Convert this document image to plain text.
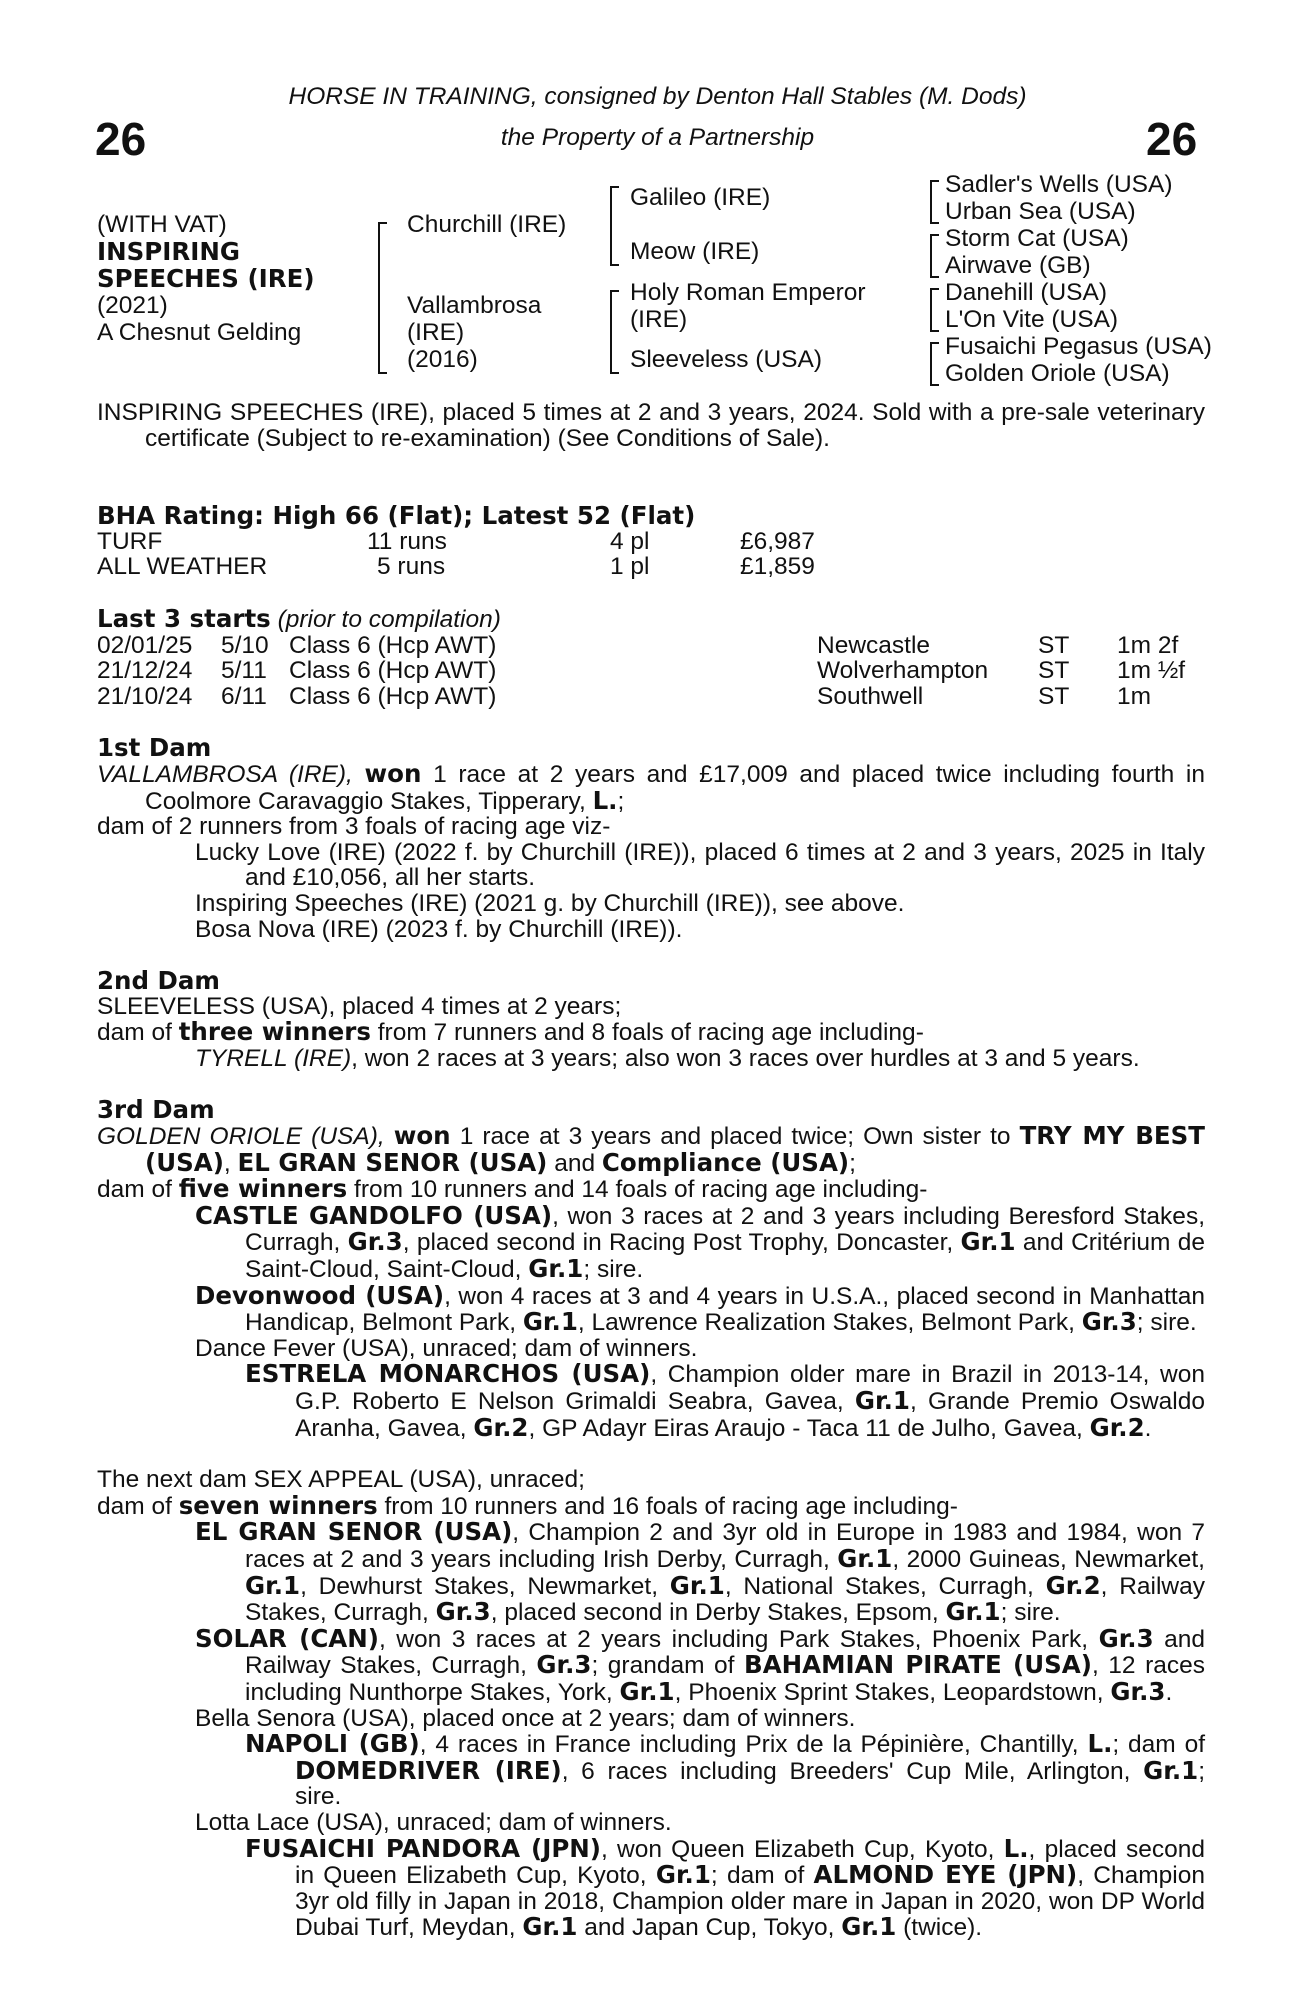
26	26
HORSE IN TRAINING, consigned by Denton Hall Stables (M. Dods)
the Property of a Partnership
(WITH VAT)
INSPIRING
SPEECHES (IRE)
(2021)
A Chesnut Gelding
Churchill (IRE)
Vallambrosa
(IRE)
(2016)
Galileo (IRE)
Meow (IRE)
Holy Roman Emperor
(IRE)
Sleeveless (USA)
Sadler's Wells (USA)
Urban Sea (USA)
Storm Cat (USA)
Airwave (GB)
Danehill (USA)
L'On Vite (USA)
Fusaichi Pegasus (USA)
Golden Oriole (USA)
INSPIRING SPEECHES (IRE), placed 5 times at 2 and 3 years, 2024. Sold with a pre-sale veterinary certificate (Subject to re-examination) (See Conditions of Sale).
BHA Rating: High 66 (Flat); Latest 52 (Flat)
TURF	11 runs	4 pl	£6,987
ALL WEATHER	5 runs	1 pl	£1,859
Last 3 starts (prior to compilation)
02/01/25 5/10 Class 6 (Hcp AWT)	Newcastle	ST 1m 2f
21/12/24 5/11 Class 6 (Hcp AWT)	Wolverhampton ST 1m ½f
21/10/24 6/11 Class 6 (Hcp AWT)	Southwell	ST 1m
1st Dam
VALLAMBROSA (IRE), won 1 race at 2 years and £17,009 and placed twice including fourth in Coolmore Caravaggio Stakes, Tipperary, L.;
dam of 2 runners from 3 foals of racing age viz-
Lucky Love (IRE) (2022 f. by Churchill (IRE)), placed 6 times at 2 and 3 years, 2025 in Italy and £10,056, all her starts.
Inspiring Speeches (IRE) (2021 g. by Churchill (IRE)), see above.
Bosa Nova (IRE) (2023 f. by Churchill (IRE)).
2nd Dam
SLEEVELESS (USA), placed 4 times at 2 years;
dam of three winners from 7 runners and 8 foals of racing age including-
TYRELL (IRE), won 2 races at 3 years; also won 3 races over hurdles at 3 and 5 years.
3rd Dam
GOLDEN ORIOLE (USA), won 1 race at 3 years and placed twice; Own sister to TRY MY BEST (USA), EL GRAN SENOR (USA) and Compliance (USA);
dam of five winners from 10 runners and 14 foals of racing age including-
CASTLE GANDOLFO (USA), won 3 races at 2 and 3 years including Beresford Stakes, Curragh, Gr.3, placed second in Racing Post Trophy, Doncaster, Gr.1 and Critérium de Saint-Cloud, Saint-Cloud, Gr.1; sire.
Devonwood (USA), won 4 races at 3 and 4 years in U.S.A., placed second in Manhattan Handicap, Belmont Park, Gr.1, Lawrence Realization Stakes, Belmont Park, Gr.3; sire.
Dance Fever (USA), unraced; dam of winners.
ESTRELA MONARCHOS (USA), Champion older mare in Brazil in 2013-14, won G.P. Roberto E Nelson Grimaldi Seabra, Gavea, Gr.1, Grande Premio Oswaldo Aranha, Gavea, Gr.2, GP Adayr Eiras Araujo - Taca 11 de Julho, Gavea, Gr.2.
The next dam SEX APPEAL (USA), unraced;
dam of seven winners from 10 runners and 16 foals of racing age including-
EL GRAN SENOR (USA), Champion 2 and 3yr old in Europe in 1983 and 1984, won 7 races at 2 and 3 years including Irish Derby, Curragh, Gr.1, 2000 Guineas, Newmarket, Gr.1, Dewhurst Stakes, Newmarket, Gr.1, National Stakes, Curragh, Gr.2, Railway Stakes, Curragh, Gr.3, placed second in Derby Stakes, Epsom, Gr.1; sire.
SOLAR (CAN), won 3 races at 2 years including Park Stakes, Phoenix Park, Gr.3 and Railway Stakes, Curragh, Gr.3; grandam of BAHAMIAN PIRATE (USA), 12 races including Nunthorpe Stakes, York, Gr.1, Phoenix Sprint Stakes, Leopardstown, Gr.3.
Bella Senora (USA), placed once at 2 years; dam of winners.
NAPOLI (GB), 4 races in France including Prix de la Pépinière, Chantilly, L.; dam of DOMEDRIVER (IRE), 6 races including Breeders' Cup Mile, Arlington, Gr.1; sire.
Lotta Lace (USA), unraced; dam of winners.
FUSAICHI PANDORA (JPN), won Queen Elizabeth Cup, Kyoto, L., placed second in Queen Elizabeth Cup, Kyoto, Gr.1; dam of ALMOND EYE (JPN), Champion 3yr old filly in Japan in 2018, Champion older mare in Japan in 2020, won DP World Dubai Turf, Meydan, Gr.1 and Japan Cup, Tokyo, Gr.1 (twice).
